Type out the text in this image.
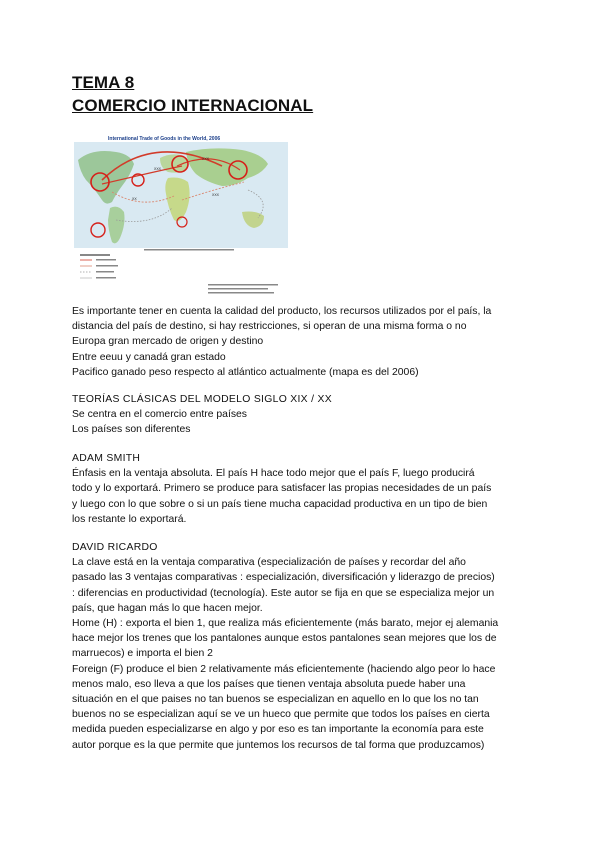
TEMA 8
COMERCIO INTERNACIONAL
International Trade of Goods in the World, 2006
XXX
XXX
XX
XXX

Es importante tener en cuenta la calidad del producto, los recursos utilizados por el país, la

distancia del país de destino, si hay restricciones, si operan de una misma forma o no

Europa gran mercado de origen y destino

Entre eeuu y canadá gran estado

Pacifico ganado peso respecto al atlántico actualmente (mapa es del 2006)

TEORÍAS CLÁSICAS DEL MODELO SIGLO XIX / XX

Se centra en el comercio entre países

Los países son diferentes

ADAM SMITH

Énfasis en la ventaja absoluta. El país H hace todo mejor que el país F, luego producirá

todo y lo exportará. Primero se produce para satisfacer las propias necesidades de un país

y luego con lo que sobre o si un país tiene mucha capacidad productiva en un tipo de bien

los restante lo exportará.

DAVID RICARDO

La clave está en la ventaja comparativa (especialización de países y recordar del año

pasado las 3 ventajas comparativas : especialización, diversificación y liderazgo de precios)

: diferencias en productividad (tecnología). Este autor se fija en que se especializa mejor un

país, que hagan más lo que hacen mejor.

Home (H) : exporta el bien 1, que realiza más eficientemente (más barato, mejor ej alemania

hace mejor los trenes que los pantalones aunque estos pantalones sean mejores que los de

marruecos) e importa el bien 2

Foreign (F) produce el bien 2 relativamente más eficientemente (haciendo algo peor lo hace

menos malo, eso lleva a que los países que tienen ventaja absoluta puede haber una

situación en el que paises no tan buenos se especializan en aquello en lo que los no tan

buenos no se especializan aquí se ve un hueco que permite que todos los países en cierta

medida pueden especializarse en algo y por eso es tan importante la economía para este

autor porque es la que permite que juntemos los recursos de tal forma que produzcamos)
